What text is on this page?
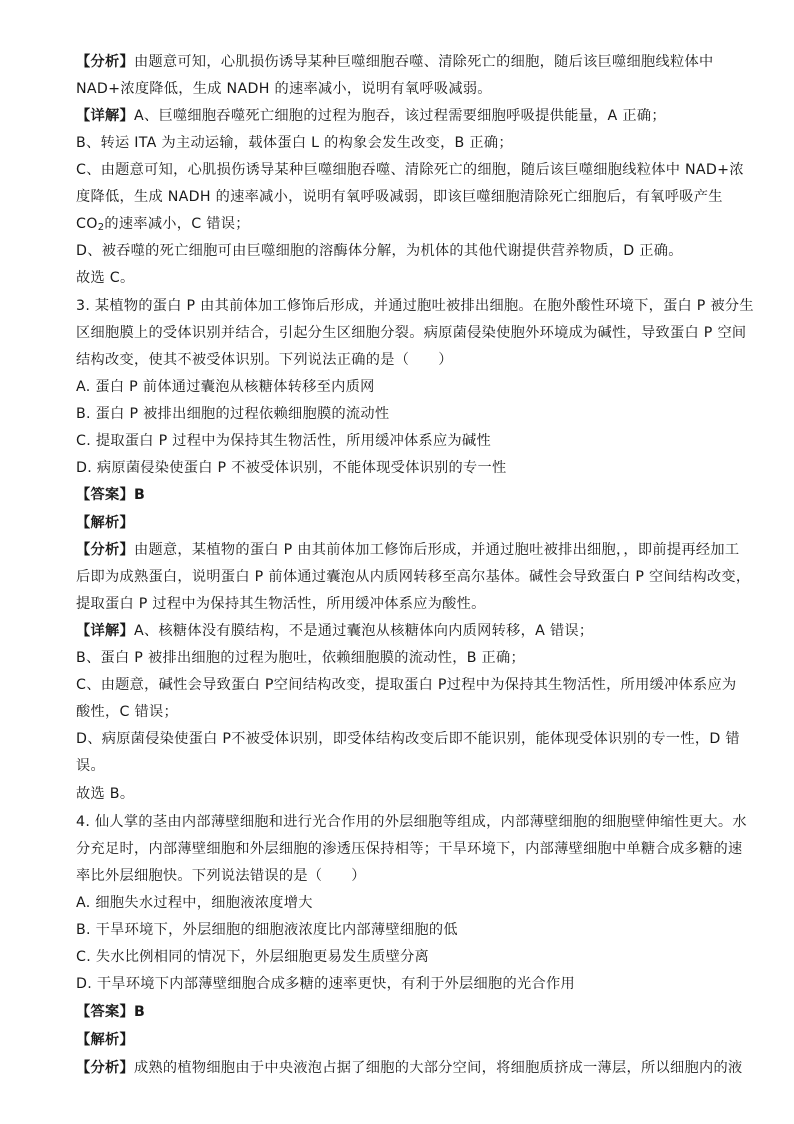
【分析】由题意可知，心肌损伤诱导某种巨噬细胞吞噬、清除死亡的细胞，随后该巨噬细胞线粒体中
NAD+浓度降低，生成 NADH 的速率减小，说明有氧呼吸减弱。
【详解】A、巨噬细胞吞噬死亡细胞的过程为胞吞，该过程需要细胞呼吸提供能量，A 正确；
B、转运 ITA 为主动运输，载体蛋白 L 的构象会发生改变，B 正确；
C、由题意可知，心肌损伤诱导某种巨噬细胞吞噬、清除死亡的细胞，随后该巨噬细胞线粒体中 NAD+浓
度降低，生成 NADH 的速率减小，说明有氧呼吸减弱，即该巨噬细胞清除死亡细胞后，有氧呼吸产生
$CO_2$的速率减小，C 错误；
D、被吞噬的死亡细胞可由巨噬细胞的溶酶体分解，为机体的其他代谢提供营养物质，D 正确。
故选 C。
3. 某植物的蛋白 P 由其前体加工修饰后形成，并通过胞吐被排出细胞。在胞外酸性环境下，蛋白 P 被分生
区细胞膜上的受体识别并结合，引起分生区细胞分裂。病原菌侵染使胞外环境成为碱性，导致蛋白 P 空间
结构改变，使其不被受体识别。下列说法正确的是（　　）
A. 蛋白 P 前体通过囊泡从核糖体转移至内质网
B. 蛋白 P 被排出细胞的过程依赖细胞膜的流动性
C. 提取蛋白 P 过程中为保持其生物活性，所用缓冲体系应为碱性
D. 病原菌侵染使蛋白 P 不被受体识别，不能体现受体识别的专一性
【答案】B
【解析】
【分析】由题意，某植物的蛋白 P 由其前体加工修饰后形成，并通过胞吐被排出细胞，，即前提再经加工
后即为成熟蛋白，说明蛋白 P 前体通过囊泡从内质网转移至高尔基体。碱性会导致蛋白 P 空间结构改变，
提取蛋白 P 过程中为保持其生物活性，所用缓冲体系应为酸性。
【详解】A、核糖体没有膜结构，不是通过囊泡从核糖体向内质网转移，A 错误；
B、蛋白 P 被排出细胞的过程为胞吐，依赖细胞膜的流动性，B 正确；
C、由题意，碱性会导致蛋白 P空间结构改变，提取蛋白 P过程中为保持其生物活性，所用缓冲体系应为
酸性，C 错误；
D、病原菌侵染使蛋白 P不被受体识别，即受体结构改变后即不能识别，能体现受体识别的专一性，D 错
误。
故选 B。
4. 仙人掌的茎由内部薄壁细胞和进行光合作用的外层细胞等组成，内部薄壁细胞的细胞壁伸缩性更大。水
分充足时，内部薄壁细胞和外层细胞的渗透压保持相等；干旱环境下，内部薄壁细胞中单糖合成多糖的速
率比外层细胞快。下列说法错误的是（　　）
A. 细胞失水过程中，细胞液浓度增大
B. 干旱环境下，外层细胞的细胞液浓度比内部薄壁细胞的低
C. 失水比例相同的情况下，外层细胞更易发生质壁分离
D. 干旱环境下内部薄壁细胞合成多糖的速率更快，有利于外层细胞的光合作用
【答案】B
【解析】
【分析】成熟的植物细胞由于中央液泡占据了细胞的大部分空间，将细胞质挤成一薄层，所以细胞内的液
